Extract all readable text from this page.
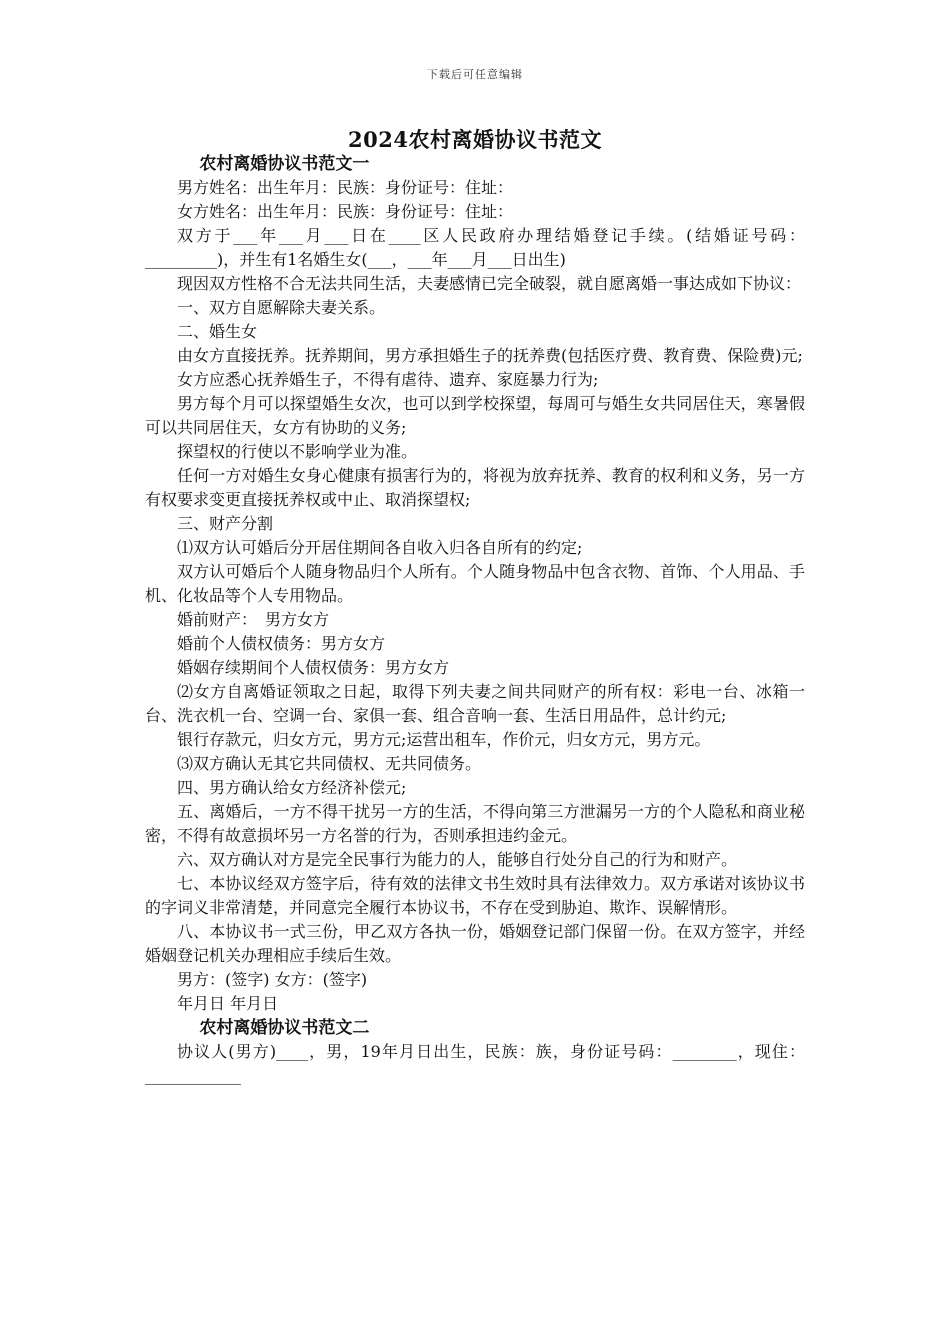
下载后可任意编辑
2024农村离婚协议书范文

农村离婚协议书范文一

男方姓名：出生年月：民族：身份证号：住址：

女方姓名：出生年月：民族：身份证号：住址：

双方于___年___月___日在____区人民政府办理结婚登记手续。(结婚证号码：_________)，并生有1名婚生女(___，___年___月___日出生)

现因双方性格不合无法共同生活，夫妻感情已完全破裂，就自愿离婚一事达成如下协议：

一、双方自愿解除夫妻关系。

二、婚生女

由女方直接抚养。抚养期间，男方承担婚生子的抚养费(包括医疗费、教育费、保险费)元;

女方应悉心抚养婚生子，不得有虐待、遗弃、家庭暴力行为;

男方每个月可以探望婚生女次，也可以到学校探望，每周可与婚生女共同居住天，寒暑假可以共同居住天，女方有协助的义务;

探望权的行使以不影响学业为准。

任何一方对婚生女身心健康有损害行为的，将视为放弃抚养、教育的权利和义务，另一方有权要求变更直接抚养权或中止、取消探望权;

三、财产分割

⑴双方认可婚后分开居住期间各自收入归各自所有的约定;

双方认可婚后个人随身物品归个人所有。个人随身物品中包含衣物、首饰、个人用品、手机、化妆品等个人专用物品。

婚前财产：　男方女方

婚前个人债权债务：男方女方

婚姻存续期间个人债权债务：男方女方

⑵女方自离婚证领取之日起，取得下列夫妻之间共同财产的所有权：彩电一台、冰箱一台、洗衣机一台、空调一台、家俱一套、组合音响一套、生活日用品件，总计约元;

银行存款元，归女方元，男方元;运营出租车，作价元，归女方元，男方元。

⑶双方确认无其它共同债权、无共同债务。

四、男方确认给女方经济补偿元;

五、离婚后，一方不得干扰另一方的生活，不得向第三方泄漏另一方的个人隐私和商业秘密，不得有故意损坏另一方名誉的行为，否则承担违约金元。

六、双方确认对方是完全民事行为能力的人，能够自行处分自己的行为和财产。

七、本协议经双方签字后，待有效的法律文书生效时具有法律效力。双方承诺对该协议书的字词义非常清楚，并同意完全履行本协议书，不存在受到胁迫、欺诈、误解情形。

八、本协议书一式三份，甲乙双方各执一份，婚姻登记部门保留一份。在双方签字，并经婚姻登记机关办理相应手续后生效。

男方：(签字) 女方：(签字)

年月日 年月日

农村离婚协议书范文二

协议人(男方)____，男，19年月日出生，民族：族，身份证号码：________，现住：____________
